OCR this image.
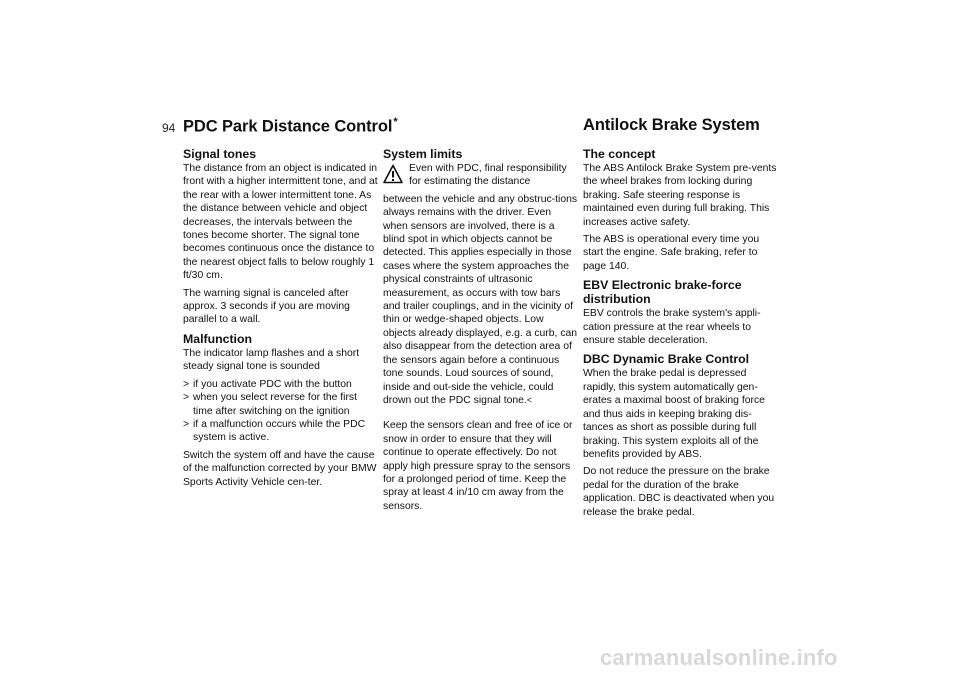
94 PDC Park Distance Control*	Antilock Brake System
Signal tones

The distance from an object is indicated in front with a higher intermittent tone, and at the rear with a lower intermittent tone. As the distance between vehicle and object decreases, the intervals between the tones become shorter. The signal tone becomes continuous once the distance to the nearest object falls to below roughly 1 ft/30 cm.

The warning signal is canceled after approx. 3 seconds if you are moving parallel to a wall.

Malfunction

The indicator lamp flashes and a short steady signal tone is sounded

> if you activate PDC with the button
> when you select reverse for the first time after switching on the ignition
> if a malfunction occurs while the PDC system is active.

Switch the system off and have the cause of the malfunction corrected by your BMW Sports Activity Vehicle cen-ter.

System limits

Even with PDC, final responsibility for estimating the distance

between the vehicle and any obstruc-tions always remains with the driver. Even when sensors are involved, there is a blind spot in which objects cannot be detected. This applies especially in those cases where the system approaches the physical constraints of ultrasonic measurement, as occurs with tow bars and trailer couplings, and in the vicinity of thin or wedge-shaped objects. Low objects already displayed, e.g. a curb, can also disappear from the detection area of the sensors again before a continuous tone sounds. Loud sources of sound, inside and out-side the vehicle, could drown out the PDC signal tone.<

Keep the sensors clean and free of ice or snow in order to ensure that they will continue to operate effectively. Do not apply high pressure spray to the sensors for a prolonged period of time. Keep the spray at least 4 in/10 cm away from the sensors.

The concept

The ABS Antilock Brake System pre-vents the wheel brakes from locking during braking. Safe steering response is maintained even during full braking. This increases active safety.

The ABS is operational every time you start the engine. Safe braking, refer to page 140.

EBV Electronic brake-force distribution

EBV controls the brake system's appli-cation pressure at the rear wheels to ensure stable deceleration.

DBC Dynamic Brake Control

When the brake pedal is depressed rapidly, this system automatically gen-erates a maximal boost of braking force and thus aids in keeping braking dis-tances as short as possible during full braking. This system exploits all of the benefits provided by ABS.

Do not reduce the pressure on the brake pedal for the duration of the brake application. DBC is deactivated when you release the brake pedal.

carmanualsonline.info
